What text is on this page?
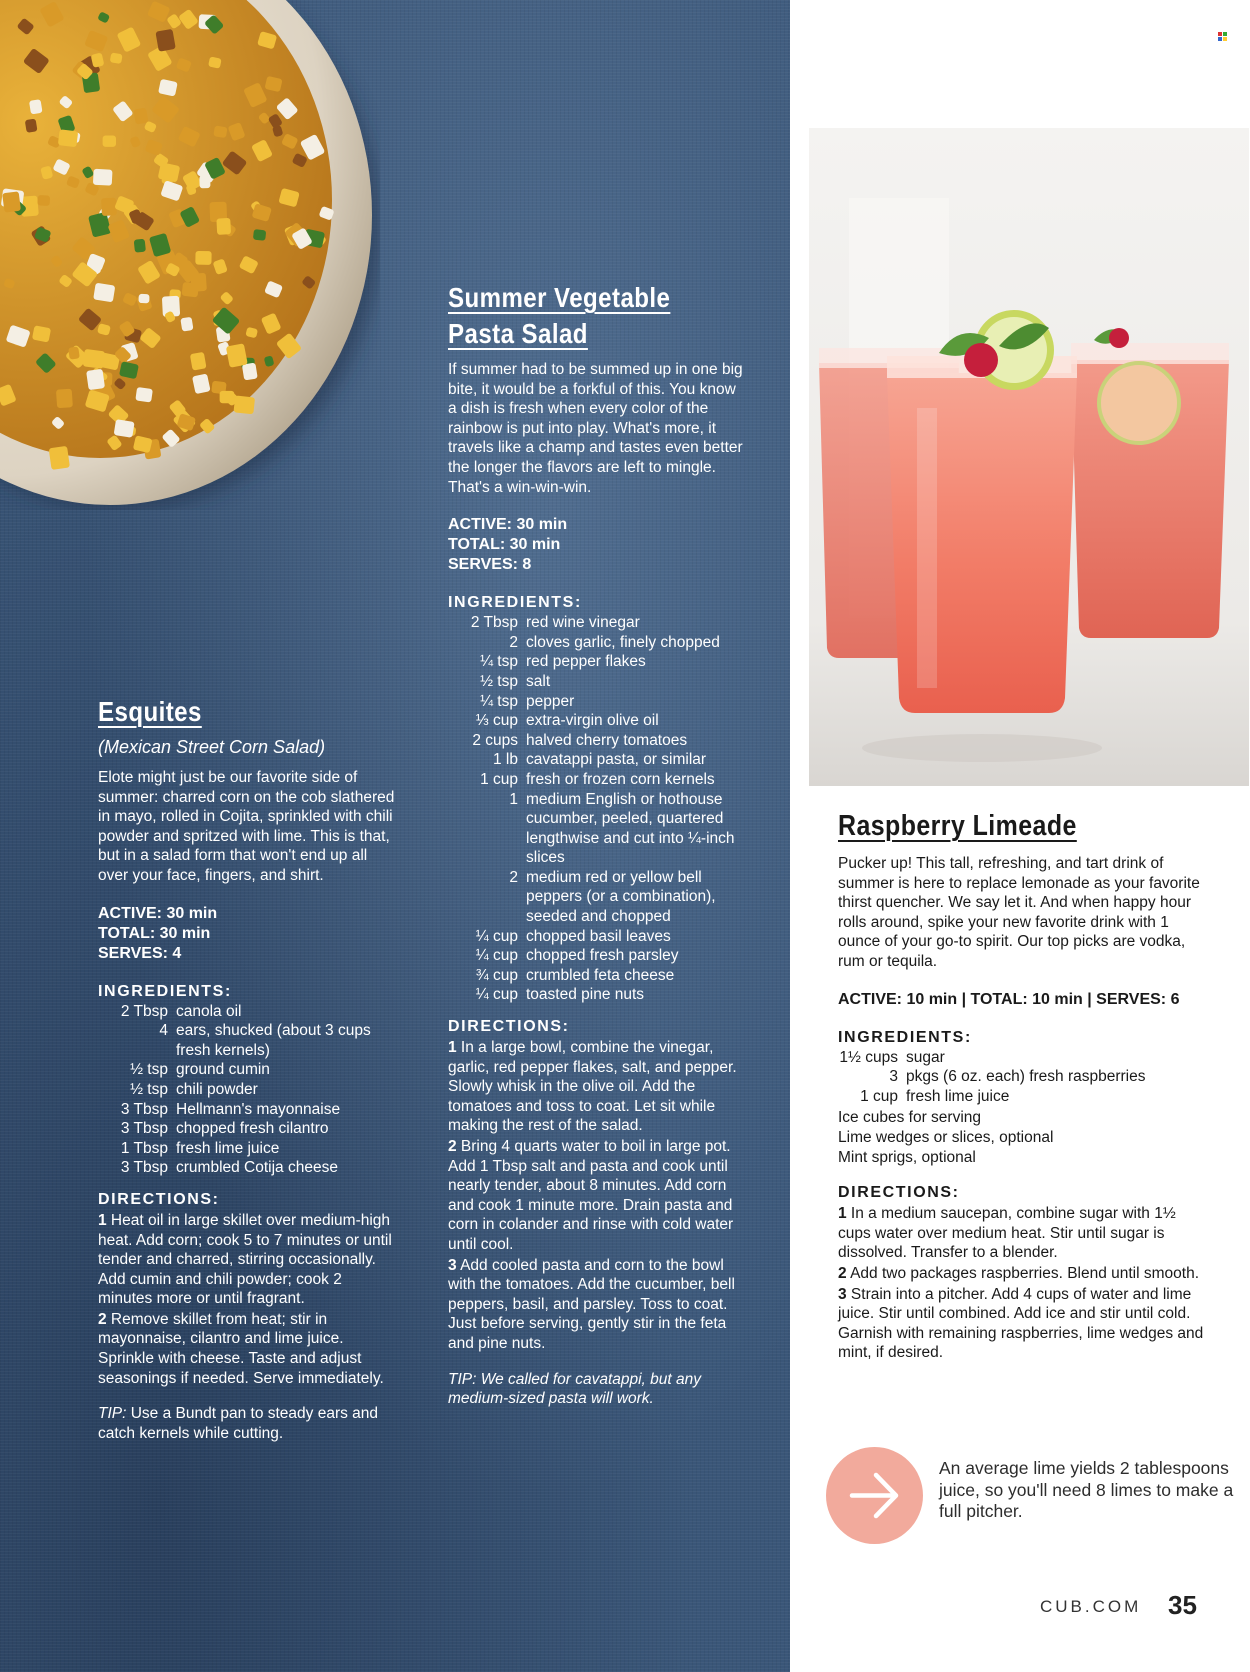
Summer Vegetable
Pasta Salad
If summer had to be summed up in one big bite, it would be a forkful of this. You know a dish is fresh when every color of the rainbow is put into play. What's more, it travels like a champ and tastes even better the longer the flavors are left to mingle. That's a win-win-win.
ACTIVE: 30 min
TOTAL: 30 min
SERVES: 8
INGREDIENTS:
2 Tbsp red wine vinegar
2 cloves garlic, finely chopped
¼ tsp red pepper flakes
½ tsp salt
¼ tsp pepper
⅓ cup extra-virgin olive oil
2 cups halved cherry tomatoes
1 lb cavatappi pasta, or similar
1 cup fresh or frozen corn kernels
1 medium English or hothouse cucumber, peeled, quartered lengthwise and cut into ¼-inch slices
2 medium red or yellow bell peppers (or a combination), seeded and chopped
¼ cup chopped basil leaves
¼ cup chopped fresh parsley
¾ cup crumbled feta cheese
¼ cup toasted pine nuts
DIRECTIONS:
1 In a large bowl, combine the vinegar, garlic, red pepper flakes, salt, and pepper. Slowly whisk in the olive oil. Add the tomatoes and toss to coat. Let sit while making the rest of the salad.
2 Bring 4 quarts water to boil in large pot. Add 1 Tbsp salt and pasta and cook until nearly tender, about 8 minutes. Add corn and cook 1 minute more. Drain pasta and corn in colander and rinse with cold water until cool.
3 Add cooled pasta and corn to the bowl with the tomatoes. Add the cucumber, bell peppers, basil, and parsley. Toss to coat. Just before serving, gently stir in the feta and pine nuts.
TIP: We called for cavatappi, but any medium-sized pasta will work.
Esquites
(Mexican Street Corn Salad)
Elote might just be our favorite side of summer: charred corn on the cob slathered in mayo, rolled in Cojita, sprinkled with chili powder and spritzed with lime. This is that, but in a salad form that won't end up all over your face, fingers, and shirt.
ACTIVE: 30 min
TOTAL: 30 min
SERVES: 4
INGREDIENTS:
2 Tbsp canola oil
4 ears, shucked (about 3 cups fresh kernels)
½ tsp ground cumin
½ tsp chili powder
3 Tbsp Hellmann's mayonnaise
3 Tbsp chopped fresh cilantro
1 Tbsp fresh lime juice
3 Tbsp crumbled Cotija cheese
DIRECTIONS:
1 Heat oil in large skillet over medium-high heat. Add corn; cook 5 to 7 minutes or until tender and charred, stirring occasionally. Add cumin and chili powder; cook 2 minutes more or until fragrant.
2 Remove skillet from heat; stir in mayonnaise, cilantro and lime juice. Sprinkle with cheese. Taste and adjust seasonings if needed. Serve immediately.
TIP: Use a Bundt pan to steady ears and catch kernels while cutting.
Raspberry Limeade
Pucker up! This tall, refreshing, and tart drink of summer is here to replace lemonade as your favorite thirst quencher. We say let it. And when happy hour rolls around, spike your new favorite drink with 1 ounce of your go-to spirit. Our top picks are vodka, rum or tequila.
ACTIVE: 10 min | TOTAL: 10 min | SERVES: 6
INGREDIENTS:
1½ cups sugar
3 pkgs (6 oz. each) fresh raspberries
1 cup fresh lime juice
Ice cubes for serving
Lime wedges or slices, optional
Mint sprigs, optional
DIRECTIONS:
1 In a medium saucepan, combine sugar with 1½ cups water over medium heat. Stir until sugar is dissolved. Transfer to a blender.
2 Add two packages raspberries. Blend until smooth.
3 Strain into a pitcher. Add 4 cups of water and lime juice. Stir until combined. Add ice and stir until cold. Garnish with remaining raspberries, lime wedges and mint, if desired.
An average lime yields 2 tablespoons juice, so you'll need 8 limes to make a full pitcher.
CUB.COM 35
